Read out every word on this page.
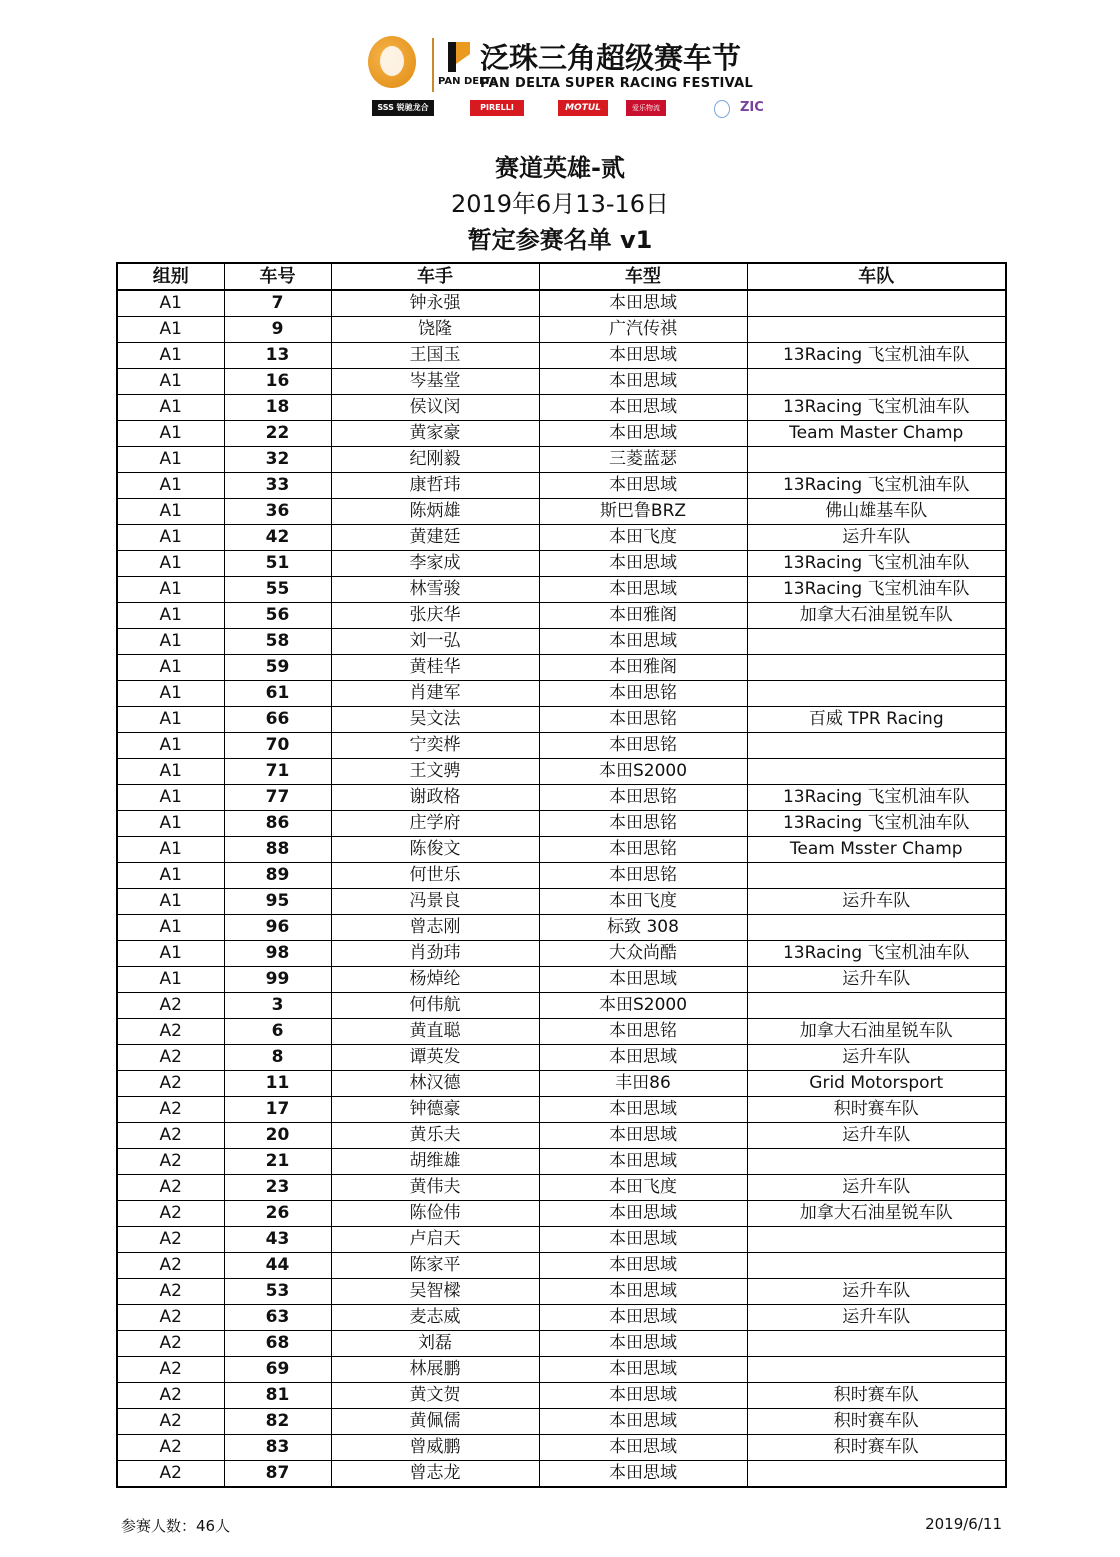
PAN DELTA
泛珠三角超级赛车节
PAN DELTA SUPER RACING FESTIVAL
SSS 锐驰龙合	PIRELLI	MOTUL	爱乐物流	ZIC
赛道英雄-贰
2019年6月13-16日
暂定参赛名单 v1
组别	车号	车手	车型	车队
A1	7	钟永强	本田思域	
A1	9	饶隆	广汽传祺	
A1	13	王国玉	本田思域	13Racing 飞宝机油车队
A1	16	岑基堂	本田思域	
A1	18	侯议闵	本田思域	13Racing 飞宝机油车队
A1	22	黄家豪	本田思域	Team Master Champ
A1	32	纪刚毅	三菱蓝瑟	
A1	33	康哲玮	本田思域	13Racing 飞宝机油车队
A1	36	陈炳雄	斯巴鲁BRZ	佛山雄基车队
A1	42	黄建廷	本田飞度	运升车队
A1	51	李家成	本田思域	13Racing 飞宝机油车队
A1	55	林雪骏	本田思域	13Racing 飞宝机油车队
A1	56	张庆华	本田雅阁	加拿大石油星锐车队
A1	58	刘一弘	本田思域	
A1	59	黄桂华	本田雅阁	
A1	61	肖建军	本田思铭	
A1	66	吴文法	本田思铭	百威 TPR Racing
A1	70	宁奕桦	本田思铭	
A1	71	王文骋	本田S2000	
A1	77	谢政格	本田思铭	13Racing 飞宝机油车队
A1	86	庄学府	本田思铭	13Racing 飞宝机油车队
A1	88	陈俊文	本田思铭	Team Msster Champ
A1	89	何世乐	本田思铭	
A1	95	冯景良	本田飞度	运升车队
A1	96	曾志刚	标致 308	
A1	98	肖劲玮	大众尚酷	13Racing 飞宝机油车队
A1	99	杨焯纶	本田思域	运升车队
A2	3	何伟航	本田S2000	
A2	6	黄直聪	本田思铭	加拿大石油星锐车队
A2	8	谭英发	本田思域	运升车队
A2	11	林汉德	丰田86	Grid Motorsport
A2	17	钟德豪	本田思域	积时赛车队
A2	20	黄乐夫	本田思域	运升车队
A2	21	胡维雄	本田思域	
A2	23	黄伟夫	本田飞度	运升车队
A2	26	陈俭伟	本田思域	加拿大石油星锐车队
A2	43	卢启天	本田思域	
A2	44	陈家平	本田思域	
A2	53	吴智樑	本田思域	运升车队
A2	63	麦志威	本田思域	运升车队
A2	68	刘磊	本田思域	
A2	69	林展鹏	本田思域	
A2	81	黄文贺	本田思域	积时赛车队
A2	82	黄佩儒	本田思域	积时赛车队
A2	83	曾威鹏	本田思域	积时赛车队
A2	87	曾志龙	本田思域	
参赛人数：46人	2019/6/11
